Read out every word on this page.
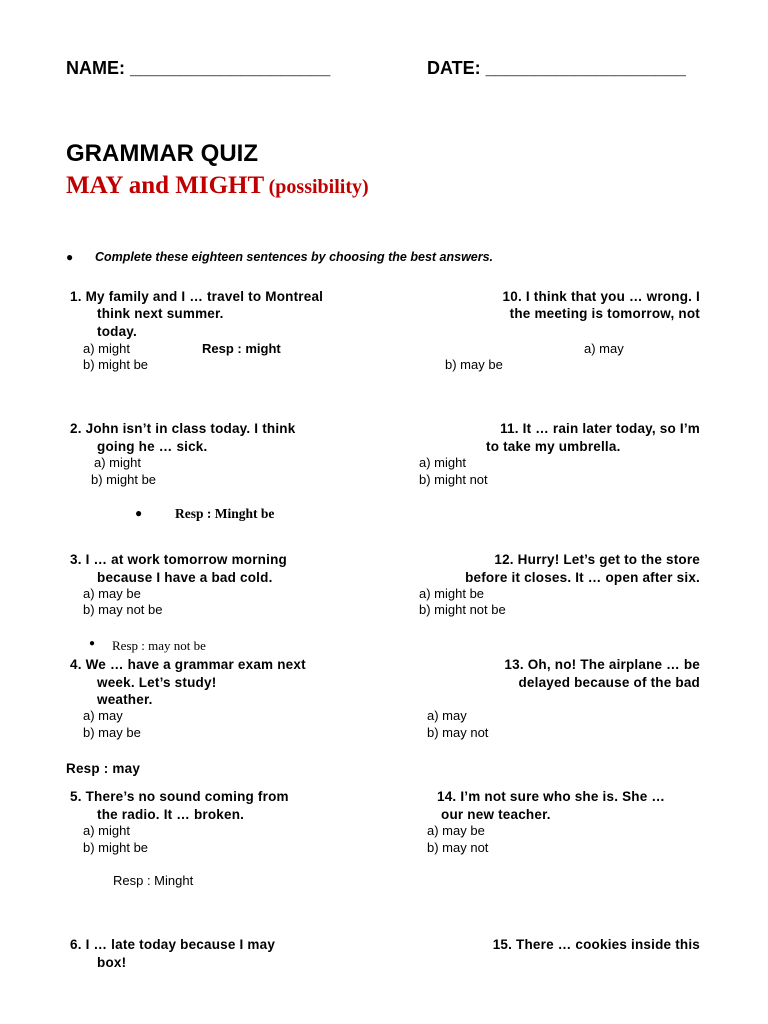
NAME: ____________________	DATE: ____________________
GRAMMAR QUIZ
MAY and MIGHT (possibility)
● Complete these eighteen sentences by choosing the best answers.
1. My family and I … travel to Montreal
think next summer.
today.
a) might	Resp : might
b) might be
2. John isn’t in class today. I think
going he … sick.
a) might
b) might be
● Resp : Minght be
3. I … at work tomorrow morning
because I have a bad cold.
a) may be
b) may not be
● Resp : may not be
4. We … have a grammar exam next
week. Let’s study!
weather.
a) may
b) may be
Resp : may
5. There’s no sound coming from
the radio. It … broken.
a) might
b) might be
Resp : Minght
6. I … late today because I may
box!
10. I think that you … wrong. I
the meeting is tomorrow, not
a) may
b) may be
11. It … rain later today, so I’m
to take my umbrella.
a) might
b) might not
12. Hurry! Let’s get to the store
before it closes. It … open after six.
a) might be
b) might not be
13. Oh, no! The airplane … be
delayed because of the bad
a) may
b) may not
14. I’m not sure who she is. She …
our new teacher.
a) may be
b) may not
15. There … cookies inside this
